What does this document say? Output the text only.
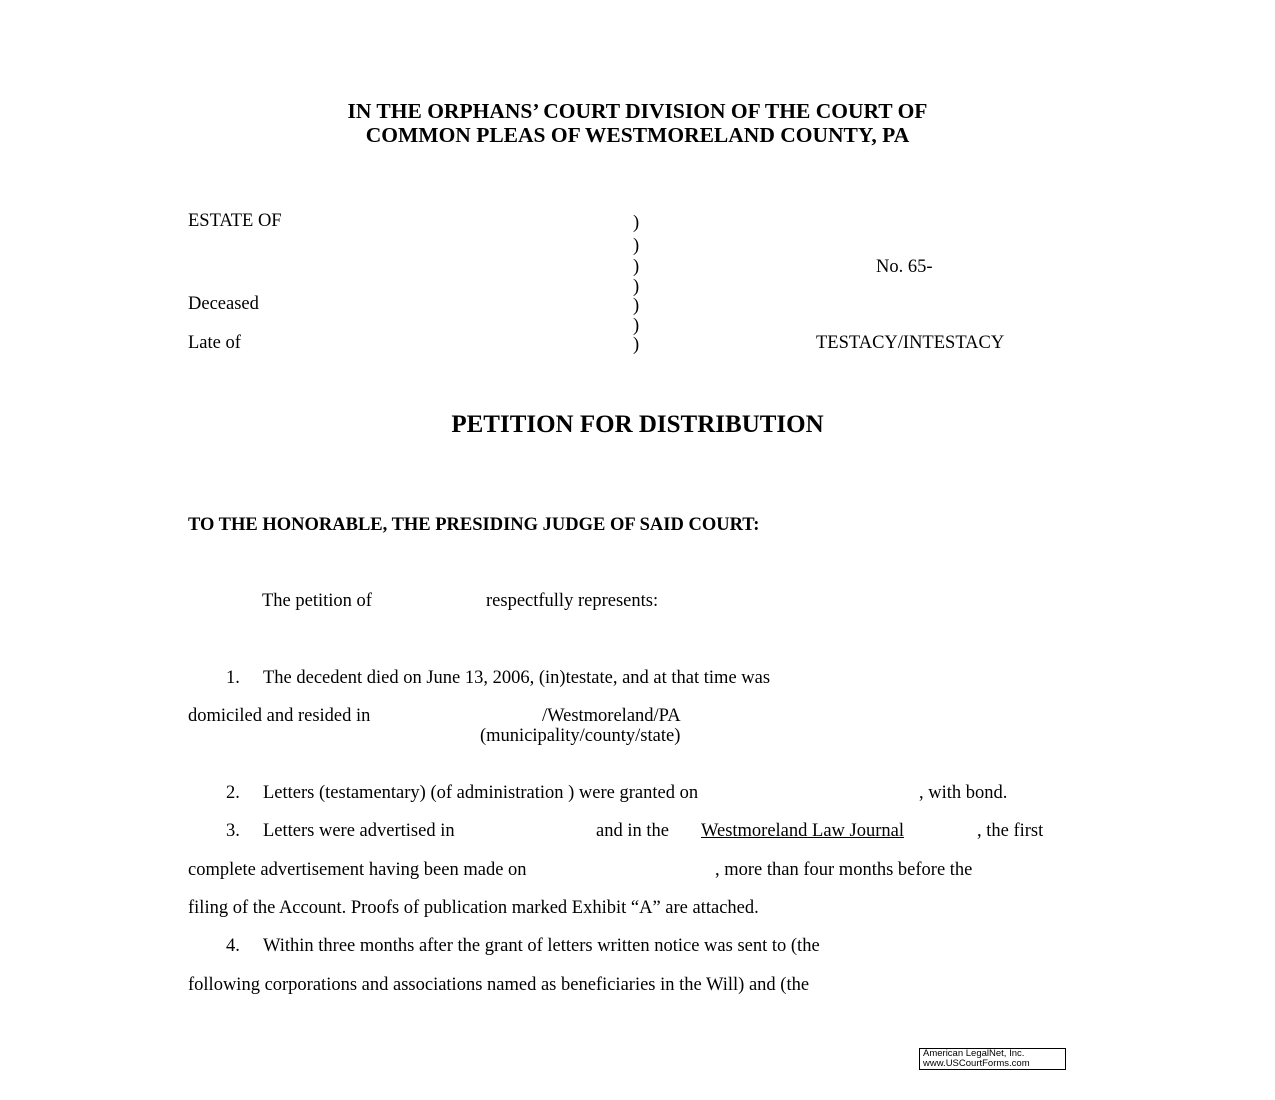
IN THE ORPHANS’ COURT DIVISION OF THE COURT OF
COMMON PLEAS OF WESTMORELAND COUNTY, PA
ESTATE OF
Deceased
Late of
)
)
)
)
)
)
)
No. 65-
TESTACY/INTESTACY
PETITION FOR DISTRIBUTION
TO THE HONORABLE, THE PRESIDING JUDGE OF SAID COURT:
The petition of	respectfully represents:
1. The decedent died on June 13, 2006, (in)testate, and at that time was
domiciled and resided in	/Westmoreland/PA
(municipality/county/state)
2. Letters (testamentary) (of administration ) were granted on	, with bond.
3. Letters were advertised in	and in the Westmoreland Law Journal	, the first
complete advertisement having been made on	, more than four months before the
filing of the Account. Proofs of publication marked Exhibit “A” are attached.
4. Within three months after the grant of letters written notice was sent to (the
following corporations and associations named as beneficiaries in the Will) and (the
American LegalNet, Inc.
www.USCourtForms.com
